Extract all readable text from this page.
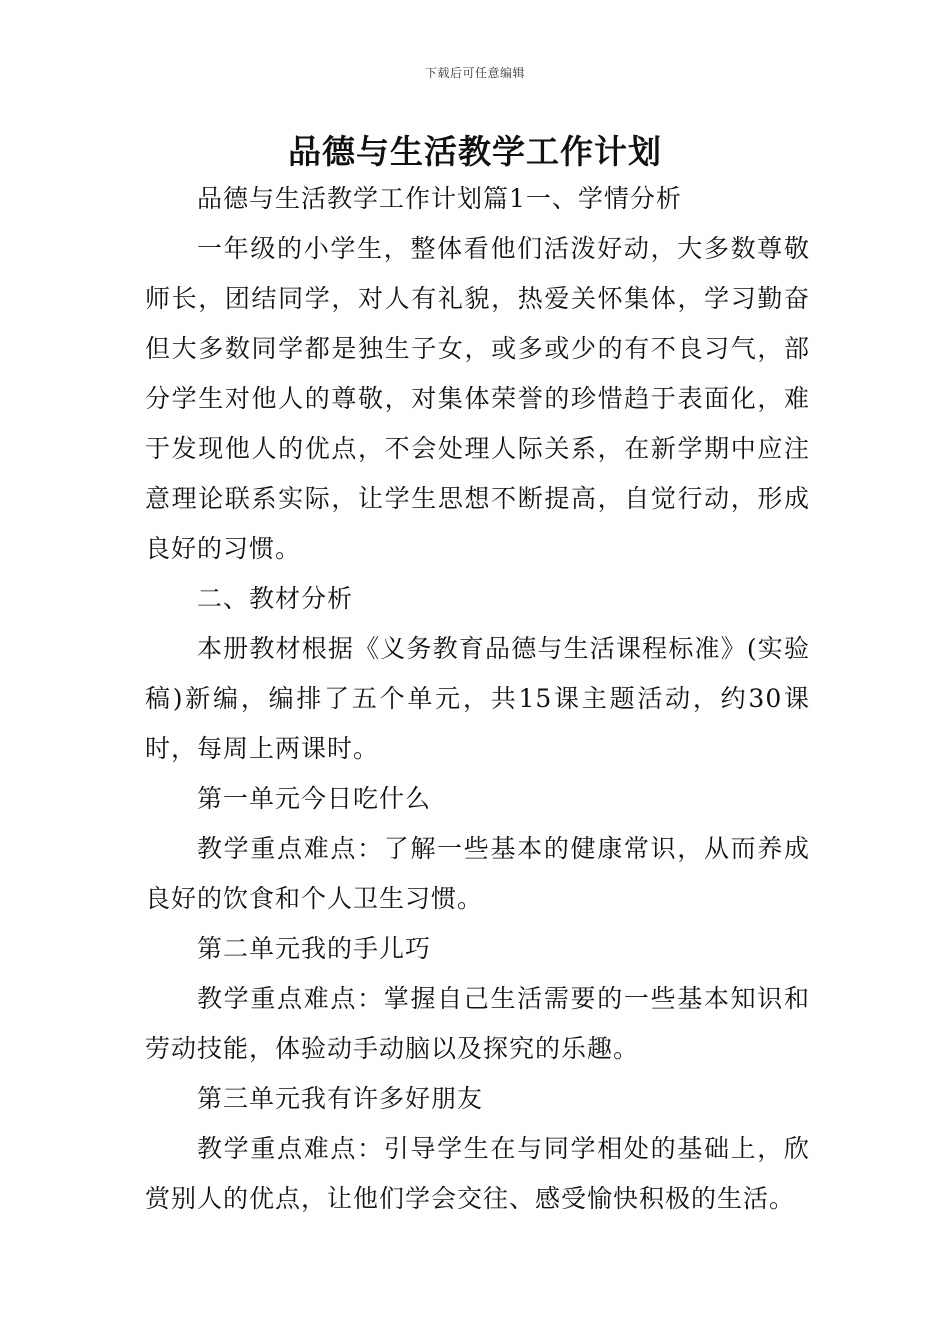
下载后可任意编辑
品德与生活教学工作计划

品德与生活教学工作计划篇1一、学情分析

一年级的小学生，整体看他们活泼好动，大多数尊敬师长，团结同学，对人有礼貌，热爱关怀集体，学习勤奋但大多数同学都是独生子女，或多或少的有不良习气，部分学生对他人的尊敬，对集体荣誉的珍惜趋于表面化，难于发现他人的优点，不会处理人际关系，在新学期中应注意理论联系实际，让学生思想不断提高，自觉行动，形成良好的习惯。

二、教材分析

本册教材根据《义务教育品德与生活课程标准》(实验稿)新编，编排了五个单元，共15课主题活动，约30课时，每周上两课时。

第一单元今日吃什么

教学重点难点：了解一些基本的健康常识，从而养成良好的饮食和个人卫生习惯。

第二单元我的手儿巧

教学重点难点：掌握自己生活需要的一些基本知识和劳动技能，体验动手动脑以及探究的乐趣。

第三单元我有许多好朋友

教学重点难点：引导学生在与同学相处的基础上，欣赏别人的优点，让他们学会交往、感受愉快积极的生活。
